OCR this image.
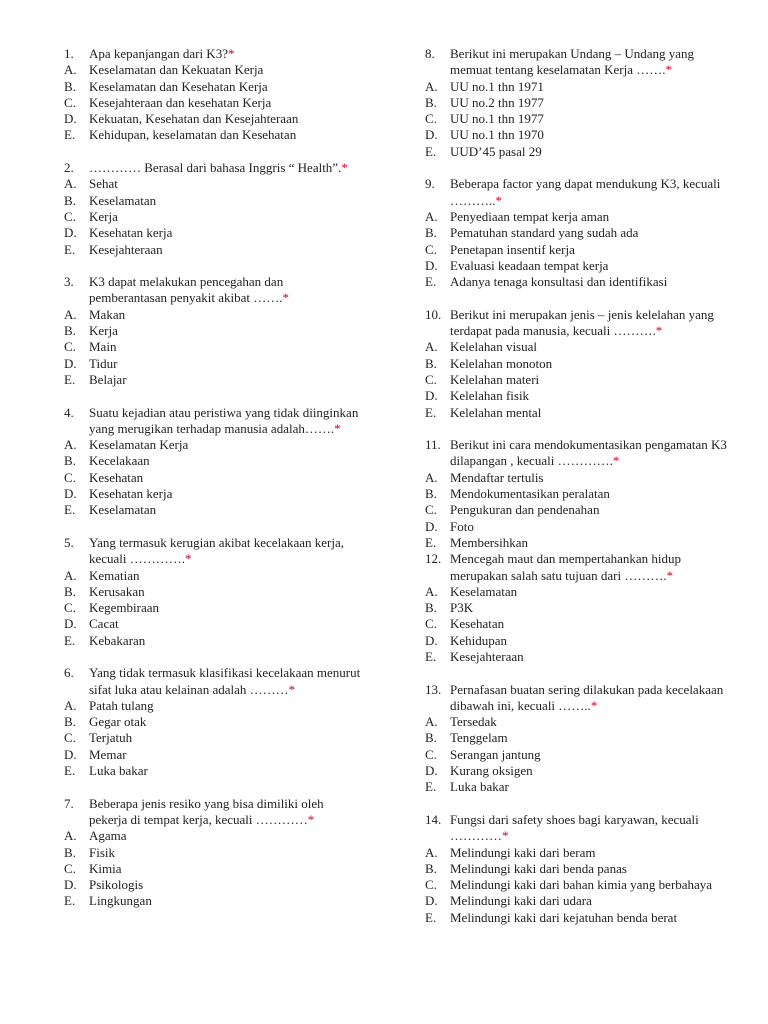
1.	Apa kepanjangan dari K3?*
A. Keselamatan dan Kekuatan Kerja
B.	Keselamatan dan Kesehatan Kerja
C.	Kesejahteraan dan kesehatan Kerja
D. Kekuatan, Kesehatan dan Kesejahteraan
E.	Kehidupan, keselamatan dan Kesehatan
2.	………… Berasal dari bahasa Inggris “ Health”.*
A. Sehat
B.	Keselamatan
C.	Kerja
D. Kesehatan kerja
E.	Kesejahteraan
3.	K3 dapat melakukan pencegahan dan pemberantasan penyakit akibat …….*
A. Makan
B.	Kerja
C.	Main
D. Tidur
E.	Belajar
4.	Suatu kejadian atau peristiwa yang tidak diinginkan yang merugikan terhadap manusia adalah…….*
A. Keselamatan Kerja
B.	Kecelakaan
C.	Kesehatan
D. Kesehatan kerja
E.	Keselamatan
5.	Yang termasuk kerugian akibat kecelakaan kerja, kecuali ………….*
A. Kematian
B.	Kerusakan
C.	Kegembiraan
D. Cacat
E.	Kebakaran
6.	Yang tidak termasuk klasifikasi kecelakaan menurut sifat luka atau kelainan adalah ………*
A. Patah tulang
B.	Gegar otak
C.	Terjatuh
D. Memar
E.	Luka bakar
7.	Beberapa jenis resiko yang bisa dimiliki oleh pekerja di tempat kerja, kecuali …………*
A. Agama
B.	Fisik
C.	Kimia
D. Psikologis
E.	Lingkungan
8.	Berikut ini merupakan Undang – Undang yang memuat tentang keselamatan Kerja …….*
A. UU no.1 thn 1971
B.	UU no.2 thn 1977
C.	UU no.1 thn 1977
D. UU no.1 thn 1970
E.	UUD’45 pasal 29
9.	Beberapa factor yang dapat mendukung K3, kecuali ………..*
A. Penyediaan tempat kerja aman
B.	Pematuhan standard yang sudah ada
C.	Penetapan insentif kerja
D. Evaluasi keadaan tempat kerja
E.	Adanya tenaga konsultasi dan identifikasi
10. Berikut ini merupakan jenis – jenis kelelahan yang terdapat pada manusia, kecuali ……….*
A. Kelelahan visual
B.	Kelelahan monoton
C.	Kelelahan materi
D. Kelelahan fisik
E.	Kelelahan mental
11. Berikut ini cara mendokumentasikan pengamatan K3 dilapangan , kecuali ………….*
A. Mendaftar tertulis
B.	Mendokumentasikan peralatan
C.	Pengukuran dan pendenahan
D. Foto
E.	Membersihkan
12. Mencegah maut dan mempertahankan hidup merupakan salah satu tujuan dari ……….*
A. Keselamatan
B.	P3K
C.	Kesehatan
D. Kehidupan
E.	Kesejahteraan
13. Pernafasan buatan sering dilakukan pada kecelakaan dibawah ini, kecuali ……..*
A. Tersedak
B.	Tenggelam
C.	Serangan jantung
D. Kurang oksigen
E.	Luka bakar
14. Fungsi dari safety shoes bagi karyawan, kecuali …………*
A. Melindungi kaki dari beram
B.	Melindungi kaki dari benda panas
C.	Melindungi kaki dari bahan kimia yang berbahaya
D. Melindungi kaki dari udara
E.	Melindungi kaki dari kejatuhan benda berat
